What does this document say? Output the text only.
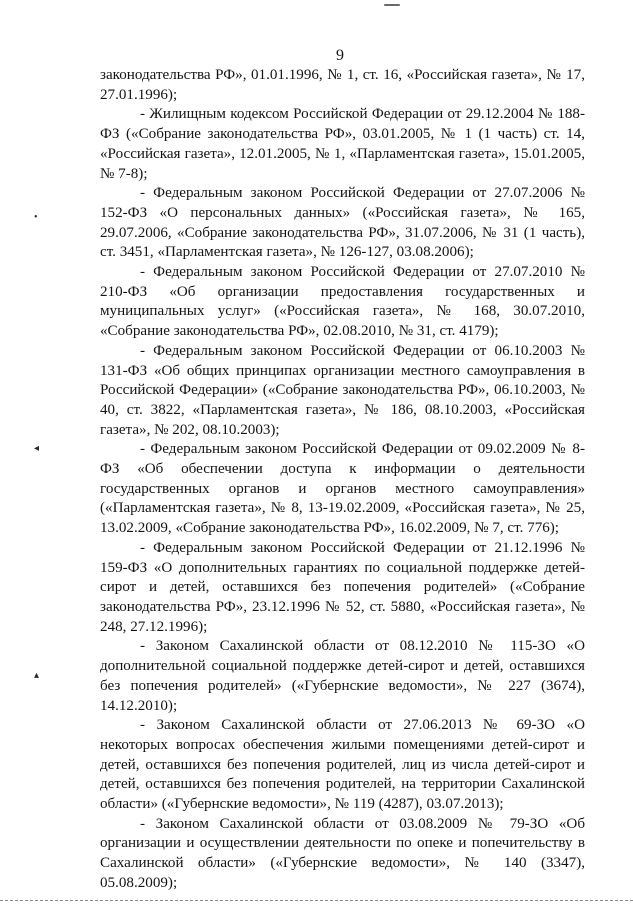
9
•
◂
▴

законодательства РФ», 01.01.1996, № 1, ст. 16, «Российская газета», № 17, 27.01.1996);

- Жилищным кодексом Российской Федерации от 29.12.2004 № 188-ФЗ («Собрание законодательства РФ», 03.01.2005, № 1 (1 часть) ст. 14, «Российская газета», 12.01.2005, № 1, «Парламентская газета», 15.01.2005, № 7-8);

- Федеральным законом Российской Федерации от 27.07.2006 № 152-ФЗ «О персональных данных» («Российская газета», № 165, 29.07.2006, «Собрание законодательства РФ», 31.07.2006, № 31 (1 часть), ст. 3451, «Парламентская газета», № 126-127, 03.08.2006);

- Федеральным законом Российской Федерации от 27.07.2010 № 210-ФЗ «Об организации предоставления государственных и муниципальных услуг» («Российская газета», № 168, 30.07.2010, «Собрание законодательства РФ», 02.08.2010, № 31, ст. 4179);

- Федеральным законом Российской Федерации от 06.10.2003 № 131-ФЗ «Об общих принципах организации местного самоуправления в Российской Федерации» («Собрание законодательства РФ», 06.10.2003, № 40, ст. 3822, «Парламентская газета», № 186, 08.10.2003, «Российская газета», № 202, 08.10.2003);

- Федеральным законом Российской Федерации от 09.02.2009 № 8-ФЗ «Об обеспечении доступа к информации о деятельности государственных органов и органов местного самоуправления» («Парламентская газета», № 8, 13-19.02.2009, «Российская газета», № 25, 13.02.2009, «Собрание законодательства РФ», 16.02.2009, № 7, ст. 776);

- Федеральным законом Российской Федерации от 21.12.1996 № 159-ФЗ «О дополнительных гарантиях по социальной поддержке детей-сирот и детей, оставшихся без попечения родителей» («Собрание законодательства РФ», 23.12.1996 № 52, ст. 5880, «Российская газета», № 248, 27.12.1996);

- Законом Сахалинской области от 08.12.2010 № 115-ЗО «О дополнительной социальной поддержке детей-сирот и детей, оставшихся без попечения родителей» («Губернские ведомости», № 227 (3674), 14.12.2010);

- Законом Сахалинской области от 27.06.2013 № 69-ЗО «О некоторых вопросах обеспечения жилыми помещениями детей-сирот и детей, оставшихся без попечения родителей, лиц из числа детей-сирот и детей, оставшихся без попечения родителей, на территории Сахалинской области» («Губернские ведомости», № 119 (4287), 03.07.2013);

- Законом Сахалинской области от 03.08.2009 № 79-ЗО «Об организации и осуществлении деятельности по опеке и попечительству в Сахалинской области» («Губернские ведомости», № 140 (3347), 05.08.2009);
